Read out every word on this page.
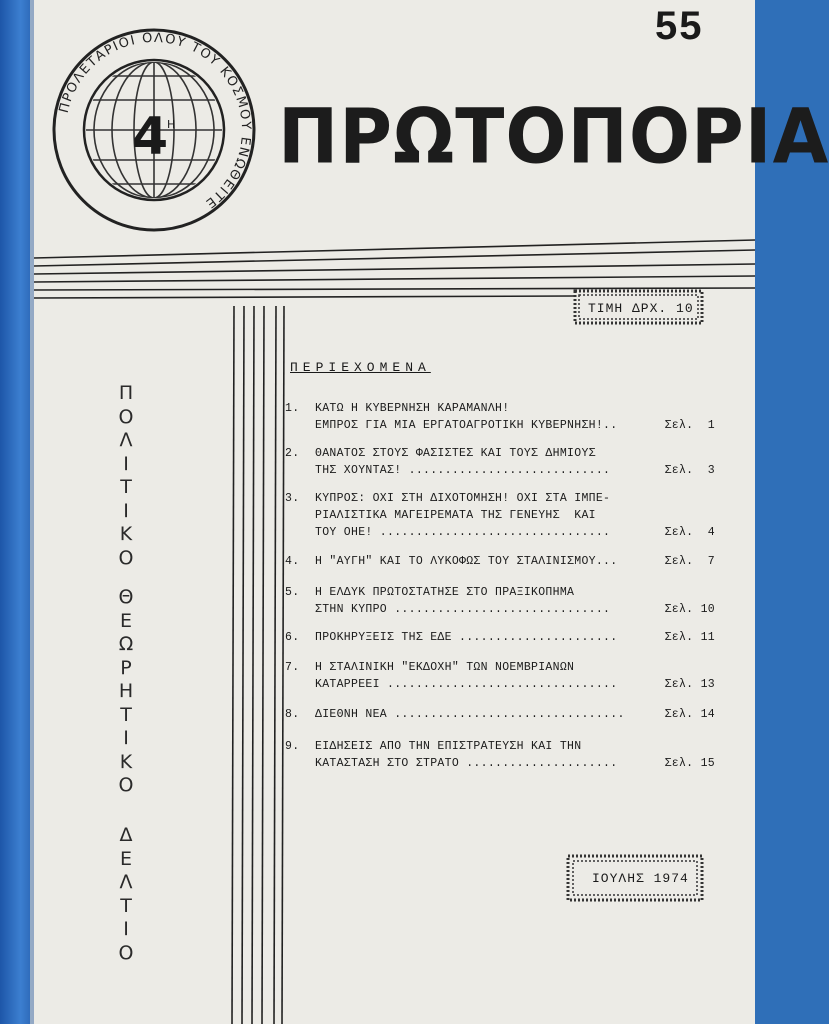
ΠΡΟΛΕΤΑΡΙΟΙ ΟΛΟΥ ΤΟΥ ΚΟΣΜΟΥ ΕΝΩΘΕΙΤΕ
4
Η
55
ΠΡΩΤΟΠΟΡΙΑ
ΤΙΜΗ ΔΡΧ. 10
Π
Ο
Λ
Ι
Τ
Ι
Κ
Ο
Θ
Ε
Ω
Ρ
Η
Τ
Ι
Κ
Ο
Δ
Ε
Λ
Τ
Ι
Ο
ΠΕΡΙΕΧΟΜΕΝΑ
1. ΚΑΤΩ Η ΚΥΒΕΡΝΗΣΗ ΚΑΡΑΜΑΝΛΗ!
ΕΜΠΡΟΣ ΓΙΑ ΜΙΑ ΕΡΓΑΤΟΑΓΡΟΤΙΚΗ ΚΥΒΕΡΝΗΣΗ!..	Σελ.  1
2. ΘΑΝΑΤΟΣ ΣΤΟΥΣ ΦΑΣΙΣΤΕΣ ΚΑΙ ΤΟΥΣ ΔΗΜΙΟΥΣ
ΤΗΣ ΧΟΥΝΤΑΣ! ............................	Σελ.  3
3. ΚΥΠΡΟΣ: ΟΧΙ ΣΤΗ ΔΙΧΟΤΟΜΗΣΗ! ΟΧΙ ΣΤΑ ΙΜΠΕ-
ΡΙΑΛΙΣΤΙΚΑ ΜΑΓΕΙΡΕΜΑΤΑ ΤΗΣ ΓΕΝΕΥΗΣ  ΚΑΙ
ΤΟΥ ΟΗΕ! ................................	Σελ.  4
4. Η "ΑΥΓΗ" ΚΑΙ ΤΟ ΛΥΚΟΦΩΣ ΤΟΥ ΣΤΑΛΙΝΙΣΜΟΥ...	Σελ.  7
5. Η ΕΛΔΥΚ ΠΡΩΤΟΣΤΑΤΗΣΕ ΣΤΟ ΠΡΑΞΙΚΟΠΗΜΑ
ΣΤΗΝ ΚΥΠΡΟ ..............................	Σελ. 10
6. ΠΡΟΚΗΡΥΞΕΙΣ ΤΗΣ ΕΔΕ ......................	Σελ. 11
7. Η ΣΤΑΛΙΝΙΚΗ "ΕΚΔΟΧΗ" ΤΩΝ ΝΟΕΜΒΡΙΑΝΩΝ
ΚΑΤΑΡΡΕΕΙ ................................	Σελ. 13
8. ΔΙΕΘΝΗ ΝΕΑ ................................	Σελ. 14
9. ΕΙΔΗΣΕΙΣ ΑΠΟ ΤΗΝ ΕΠΙΣΤΡΑΤΕΥΣΗ ΚΑΙ ΤΗΝ
ΚΑΤΑΣΤΑΣΗ ΣΤΟ ΣΤΡΑΤΟ .....................	Σελ. 15
ΙΟΥΛΗΣ 1974
